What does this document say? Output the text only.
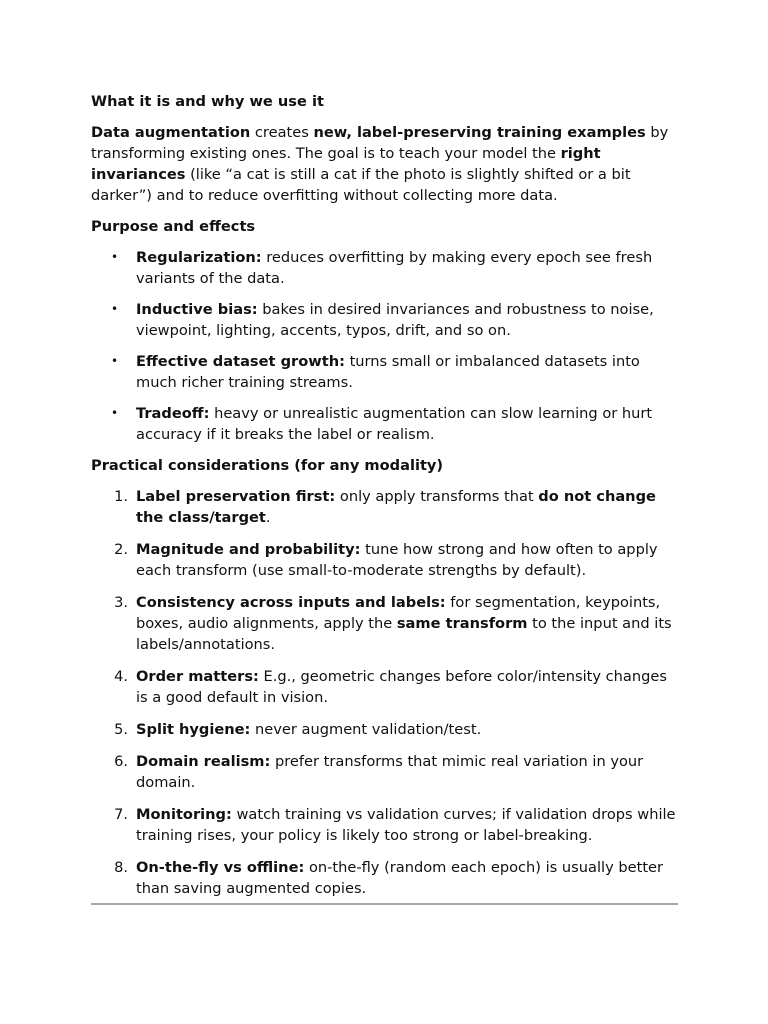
What it is and why we use it

Data augmentation creates new, label-preserving training examples by transforming existing ones. The goal is to teach your model the right invariances (like “a cat is still a cat if the photo is slightly shifted or a bit darker”) and to reduce overfitting without collecting more data.

Purpose and effects
• Regularization: reduces overfitting by making every epoch see fresh variants of the data.
• Inductive bias: bakes in desired invariances and robustness to noise, viewpoint, lighting, accents, typos, drift, and so on.
• Effective dataset growth: turns small or imbalanced datasets into much richer training streams.
• Tradeoff: heavy or unrealistic augmentation can slow learning or hurt accuracy if it breaks the label or realism.
Practical considerations (for any modality)
1. Label preservation first: only apply transforms that do not change the class/target.
2. Magnitude and probability: tune how strong and how often to apply each transform (use small-to-moderate strengths by default).
3. Consistency across inputs and labels: for segmentation, keypoints, boxes, audio alignments, apply the same transform to the input and its labels/annotations.
4. Order matters: E.g., geometric changes before color/intensity changes is a good default in vision.
5. Split hygiene: never augment validation/test.
6. Domain realism: prefer transforms that mimic real variation in your domain.
7. Monitoring: watch training vs validation curves; if validation drops while training rises, your policy is likely too strong or label-breaking.
8. On-the-fly vs offline: on-the-fly (random each epoch) is usually better than saving augmented copies.
